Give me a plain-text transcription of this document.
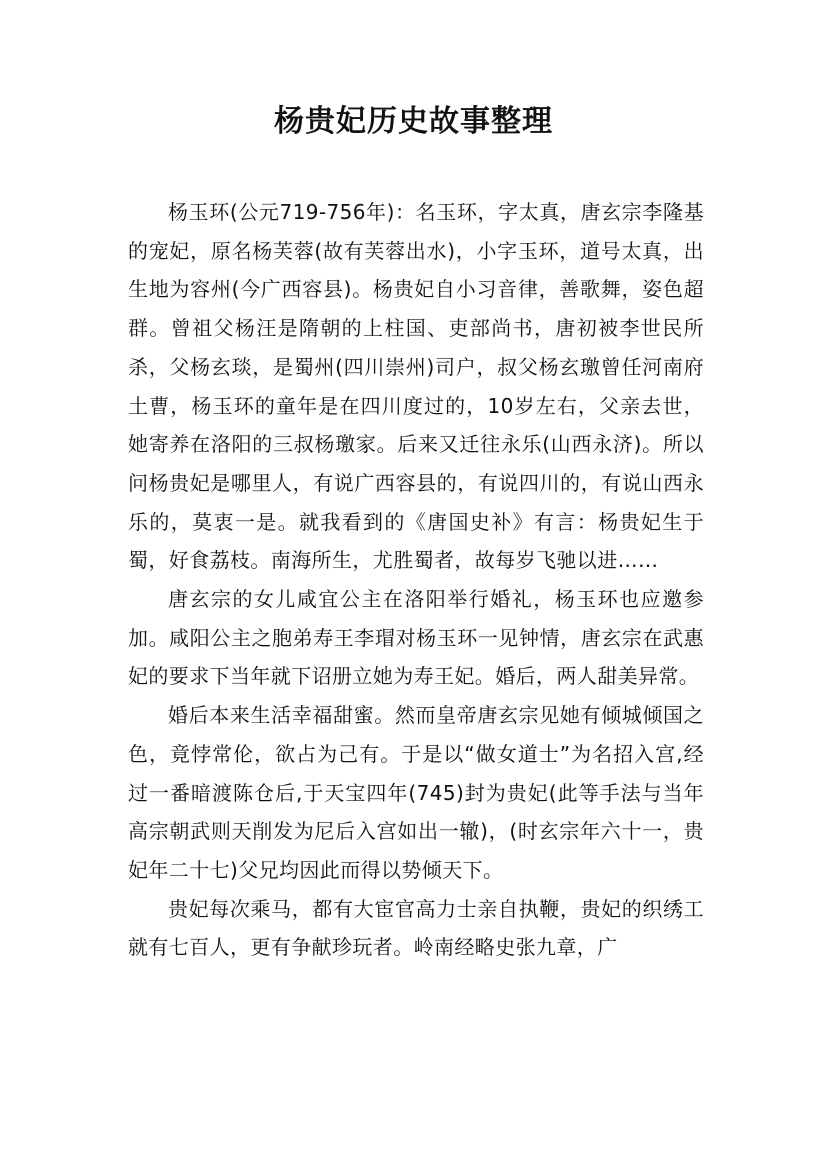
杨贵妃历史故事整理

杨玉环(公元719-756年)：名玉环，字太真，唐玄宗李隆基的宠妃，原名杨芙蓉(故有芙蓉出水)，小字玉环，道号太真，出生地为容州(今广西容县)。杨贵妃自小习音律，善歌舞，姿色超群。曾祖父杨汪是隋朝的上柱国、吏部尚书，唐初被李世民所杀，父杨玄琰，是蜀州(四川崇州)司户，叔父杨玄璬曾任河南府土曹，杨玉环的童年是在四川度过的，10岁左右，父亲去世，她寄养在洛阳的三叔杨璬家。后来又迁往永乐(山西永济)。所以问杨贵妃是哪里人，有说广西容县的，有说四川的，有说山西永乐的，莫衷一是。就我看到的《唐国史补》有言：杨贵妃生于蜀，好食荔枝。南海所生，尤胜蜀者，故每岁飞驰以进……

唐玄宗的女儿咸宜公主在洛阳举行婚礼，杨玉环也应邀参加。咸阳公主之胞弟寿王李瑁对杨玉环一见钟情，唐玄宗在武惠妃的要求下当年就下诏册立她为寿王妃。婚后，两人甜美异常。

婚后本来生活幸福甜蜜。然而皇帝唐玄宗见她有倾城倾国之色，竟悖常伦，欲占为己有。于是以“做女道士”为名招入宫,经过一番暗渡陈仓后,于天宝四年(745)封为贵妃(此等手法与当年高宗朝武则天削发为尼后入宫如出一辙)，(时玄宗年六十一，贵妃年二十七)父兄均因此而得以势倾天下。

贵妃每次乘马，都有大宦官高力士亲自执鞭，贵妃的织绣工就有七百人，更有争献珍玩者。岭南经略史张九章，广
